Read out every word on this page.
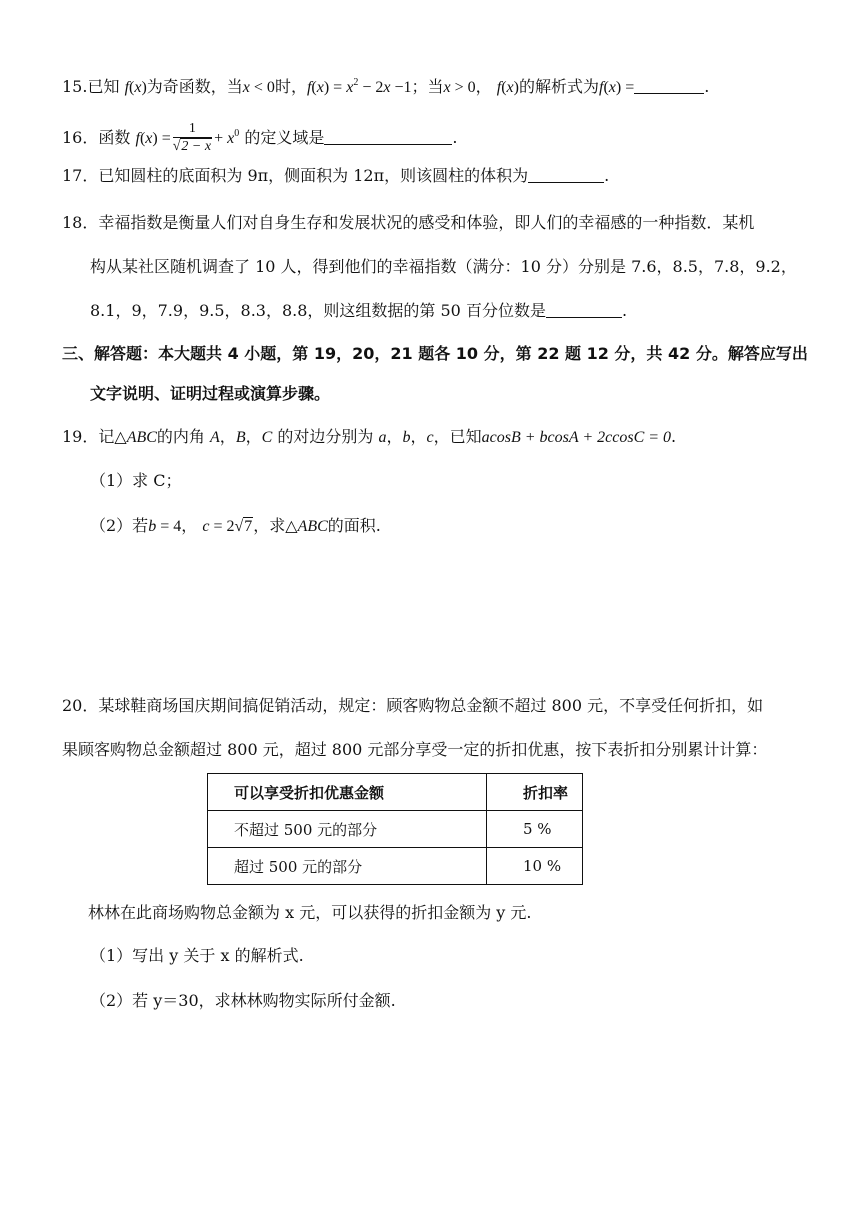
15.已知 f(x)为奇函数，当x < 0时，$f(x) = x^2 - 2x -1$；当x > 0， f(x)的解析式为f(x) =	.
16．函数 $f(x) = \frac{1}{√2 - x} + x^0$ 的定义域是	.
17．已知圆柱的底面积为 9π，侧面积为 12π，则该圆柱的体积为	.
18．幸福指数是衡量人们对自身生存和发展状况的感受和体验，即人们的幸福感的一种指数．某机
构从某社区随机调查了 10 人，得到他们的幸福指数（满分：10 分）分别是 7.6，8.5，7.8，9.2，
8.1，9，7.9，9.5，8.3，8.8，则这组数据的第 50 百分位数是	.
三、解答题：本大题共 4 小题，第 19，20，21 题各 10 分，第 22 题 12 分，共 42 分。解答应写出
文字说明、证明过程或演算步骤。
19．记△ABC的内角 A，B，C 的对边分别为 a，b，c，已知acosB + bcosA + 2ccosC = 0.
（1）求 C；
（2）若b = 4， c = 2√7，求△ABC的面积.
20．某球鞋商场国庆期间搞促销活动，规定：顾客购物总金额不超过 800 元，不享受任何折扣，如
果顾客购物总金额超过 800 元，超过 800 元部分享受一定的折扣优惠，按下表折扣分别累计计算：
可以享受折扣优惠金额	折扣率
不超过 500 元的部分	5 %
超过 500 元的部分	10 %
林林在此商场购物总金额为 x 元，可以获得的折扣金额为 y 元.
（1）写出 y 关于 x 的解析式.
（2）若 y＝30，求林林购物实际所付金额.
